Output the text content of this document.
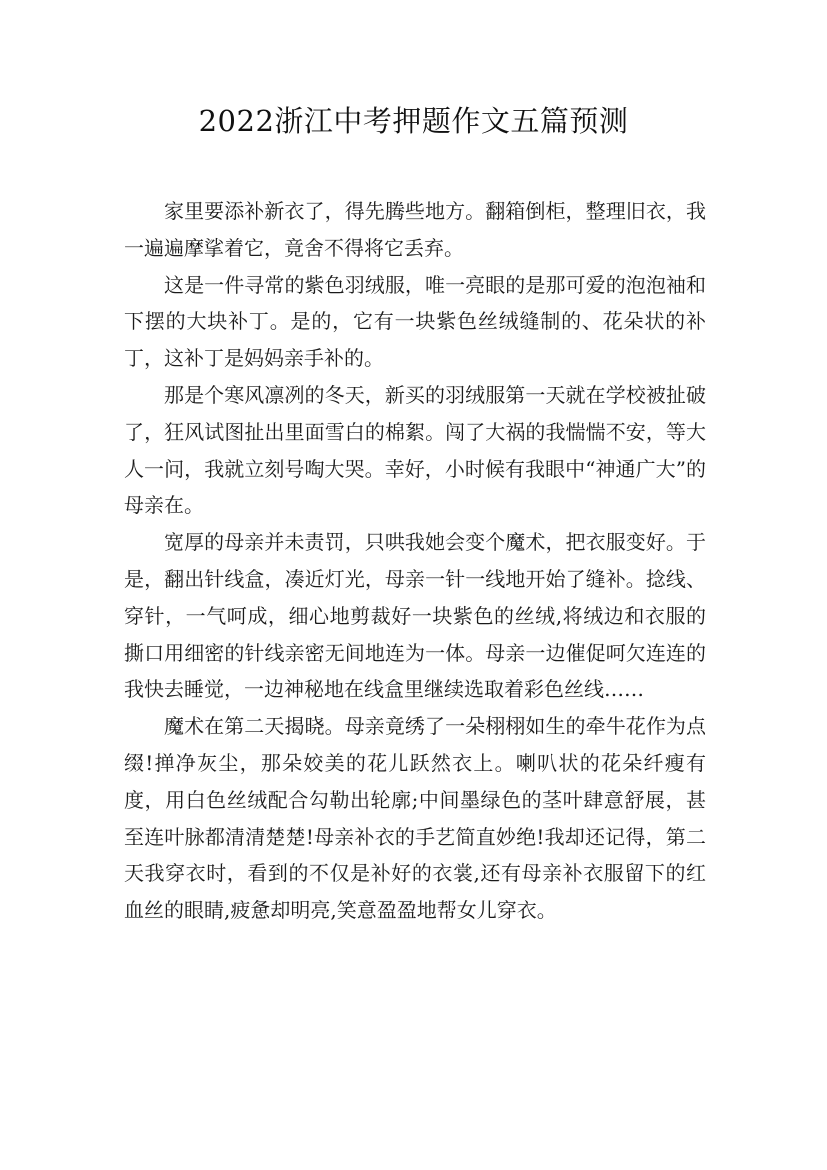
2022浙江中考押题作文五篇预测

家里要添补新衣了，得先腾些地方。翻箱倒柜，整理旧衣，我一遍遍摩挲着它，竟舍不得将它丢弃。

这是一件寻常的紫色羽绒服，唯一亮眼的是那可爱的泡泡袖和下摆的大块补丁。是的，它有一块紫色丝绒缝制的、花朵状的补丁，这补丁是妈妈亲手补的。

那是个寒风凛冽的冬天，新买的羽绒服第一天就在学校被扯破了，狂风试图扯出里面雪白的棉絮。闯了大祸的我惴惴不安，等大人一问，我就立刻号啕大哭。幸好，小时候有我眼中“神通广大”的母亲在。

宽厚的母亲并未责罚，只哄我她会变个魔术，把衣服变好。于是，翻出针线盒，凑近灯光，母亲一针一线地开始了缝补。捻线、穿针，一气呵成，细心地剪裁好一块紫色的丝绒,将绒边和衣服的撕口用细密的针线亲密无间地连为一体。母亲一边催促呵欠连连的我快去睡觉，一边神秘地在线盒里继续选取着彩色丝线……

魔术在第二天揭晓。母亲竟绣了一朵栩栩如生的牵牛花作为点缀!掸净灰尘，那朵姣美的花儿跃然衣上。喇叭状的花朵纤瘦有度，用白色丝绒配合勾勒出轮廓;中间墨绿色的茎叶肆意舒展，甚至连叶脉都清清楚楚!母亲补衣的手艺简直妙绝!我却还记得，第二天我穿衣时，看到的不仅是补好的衣裳,还有母亲补衣服留下的红血丝的眼睛,疲惫却明亮,笑意盈盈地帮女儿穿衣。
